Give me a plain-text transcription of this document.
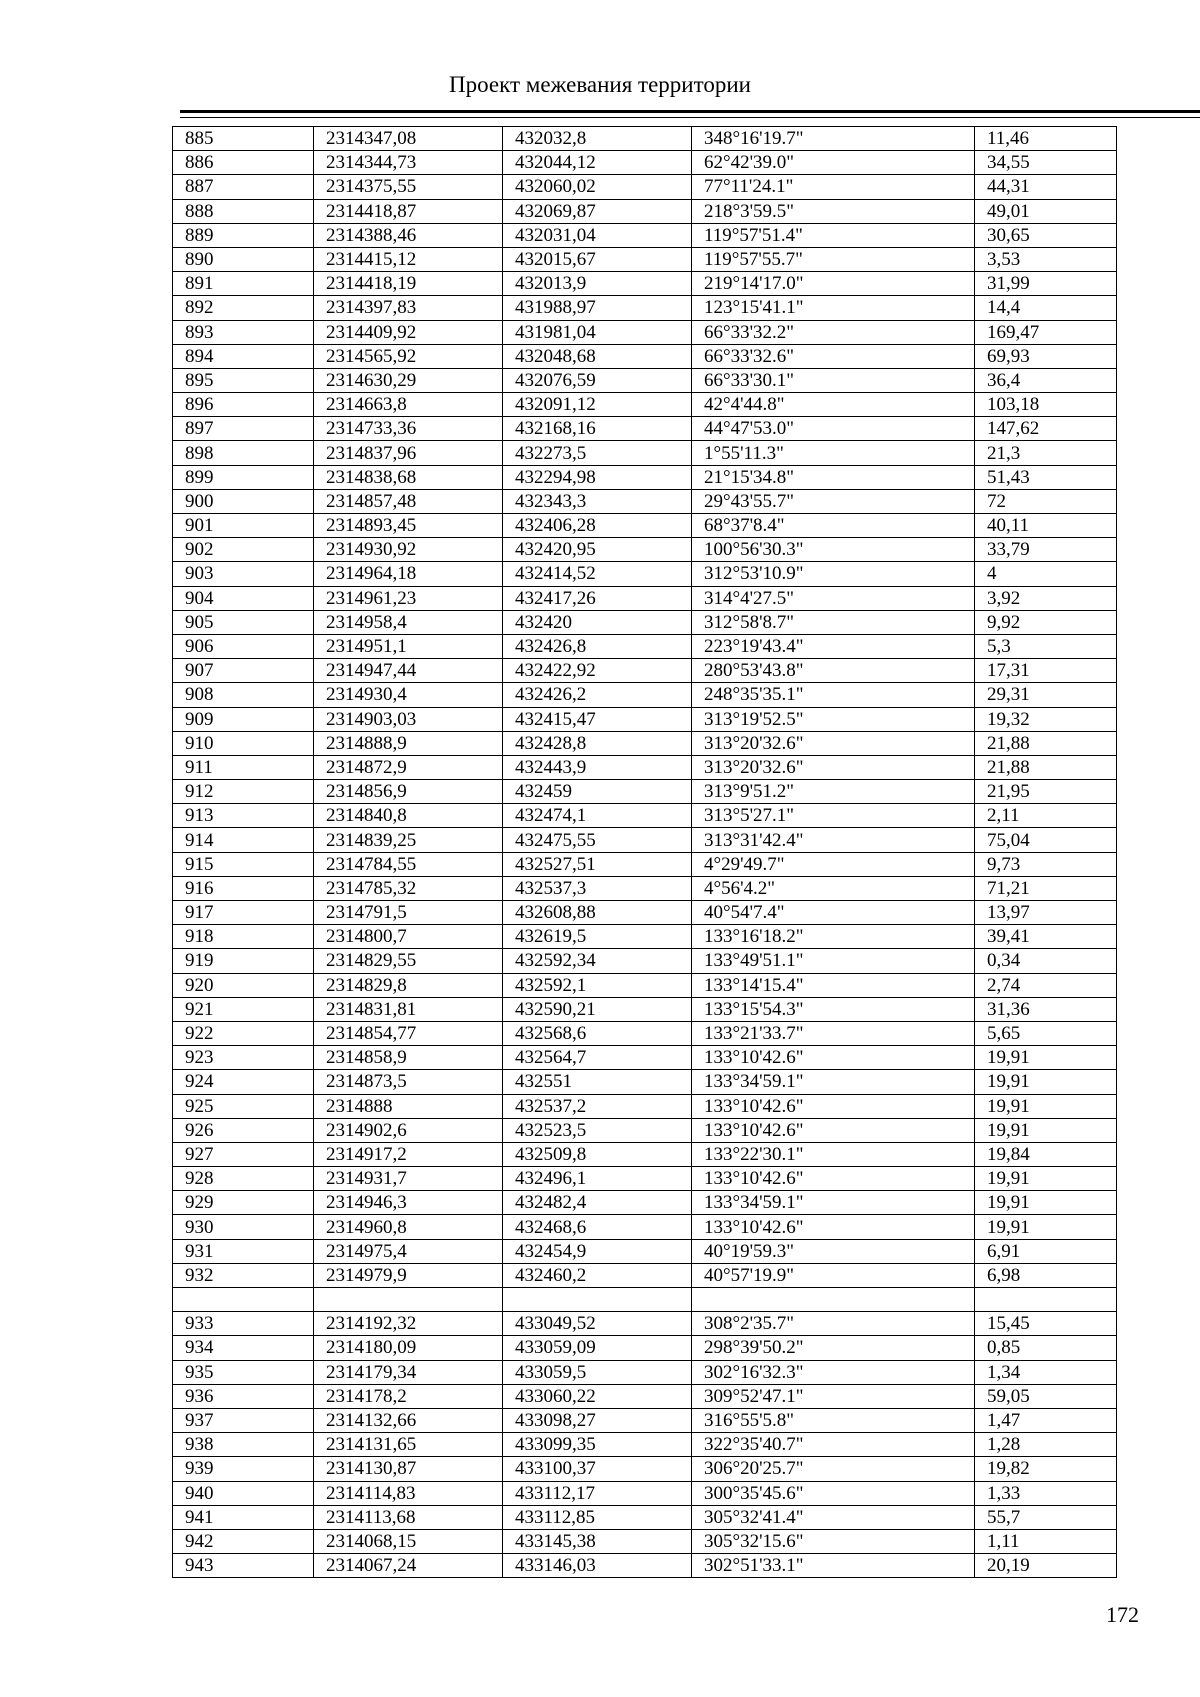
Проект межевания территории
885	2314347,08	432032,8	348°16'19.7"	11,46
886	2314344,73	432044,12	62°42'39.0"	34,55
887	2314375,55	432060,02	77°11'24.1"	44,31
888	2314418,87	432069,87	218°3'59.5"	49,01
889	2314388,46	432031,04	119°57'51.4"	30,65
890	2314415,12	432015,67	119°57'55.7"	3,53
891	2314418,19	432013,9	219°14'17.0"	31,99
892	2314397,83	431988,97	123°15'41.1"	14,4
893	2314409,92	431981,04	66°33'32.2"	169,47
894	2314565,92	432048,68	66°33'32.6"	69,93
895	2314630,29	432076,59	66°33'30.1"	36,4
896	2314663,8	432091,12	42°4'44.8"	103,18
897	2314733,36	432168,16	44°47'53.0"	147,62
898	2314837,96	432273,5	1°55'11.3"	21,3
899	2314838,68	432294,98	21°15'34.8"	51,43
900	2314857,48	432343,3	29°43'55.7"	72
901	2314893,45	432406,28	68°37'8.4"	40,11
902	2314930,92	432420,95	100°56'30.3"	33,79
903	2314964,18	432414,52	312°53'10.9"	4
904	2314961,23	432417,26	314°4'27.5"	3,92
905	2314958,4	432420	312°58'8.7"	9,92
906	2314951,1	432426,8	223°19'43.4"	5,3
907	2314947,44	432422,92	280°53'43.8"	17,31
908	2314930,4	432426,2	248°35'35.1"	29,31
909	2314903,03	432415,47	313°19'52.5"	19,32
910	2314888,9	432428,8	313°20'32.6"	21,88
911	2314872,9	432443,9	313°20'32.6"	21,88
912	2314856,9	432459	313°9'51.2"	21,95
913	2314840,8	432474,1	313°5'27.1"	2,11
914	2314839,25	432475,55	313°31'42.4"	75,04
915	2314784,55	432527,51	4°29'49.7"	9,73
916	2314785,32	432537,3	4°56'4.2"	71,21
917	2314791,5	432608,88	40°54'7.4"	13,97
918	2314800,7	432619,5	133°16'18.2"	39,41
919	2314829,55	432592,34	133°49'51.1"	0,34
920	2314829,8	432592,1	133°14'15.4"	2,74
921	2314831,81	432590,21	133°15'54.3"	31,36
922	2314854,77	432568,6	133°21'33.7"	5,65
923	2314858,9	432564,7	133°10'42.6"	19,91
924	2314873,5	432551	133°34'59.1"	19,91
925	2314888	432537,2	133°10'42.6"	19,91
926	2314902,6	432523,5	133°10'42.6"	19,91
927	2314917,2	432509,8	133°22'30.1"	19,84
928	2314931,7	432496,1	133°10'42.6"	19,91
929	2314946,3	432482,4	133°34'59.1"	19,91
930	2314960,8	432468,6	133°10'42.6"	19,91
931	2314975,4	432454,9	40°19'59.3"	6,91
932	2314979,9	432460,2	40°57'19.9"	6,98

933	2314192,32	433049,52	308°2'35.7"	15,45
934	2314180,09	433059,09	298°39'50.2"	0,85
935	2314179,34	433059,5	302°16'32.3"	1,34
936	2314178,2	433060,22	309°52'47.1"	59,05
937	2314132,66	433098,27	316°55'5.8"	1,47
938	2314131,65	433099,35	322°35'40.7"	1,28
939	2314130,87	433100,37	306°20'25.7"	19,82
940	2314114,83	433112,17	300°35'45.6"	1,33
941	2314113,68	433112,85	305°32'41.4"	55,7
942	2314068,15	433145,38	305°32'15.6"	1,11
943	2314067,24	433146,03	302°51'33.1"	20,19
172
